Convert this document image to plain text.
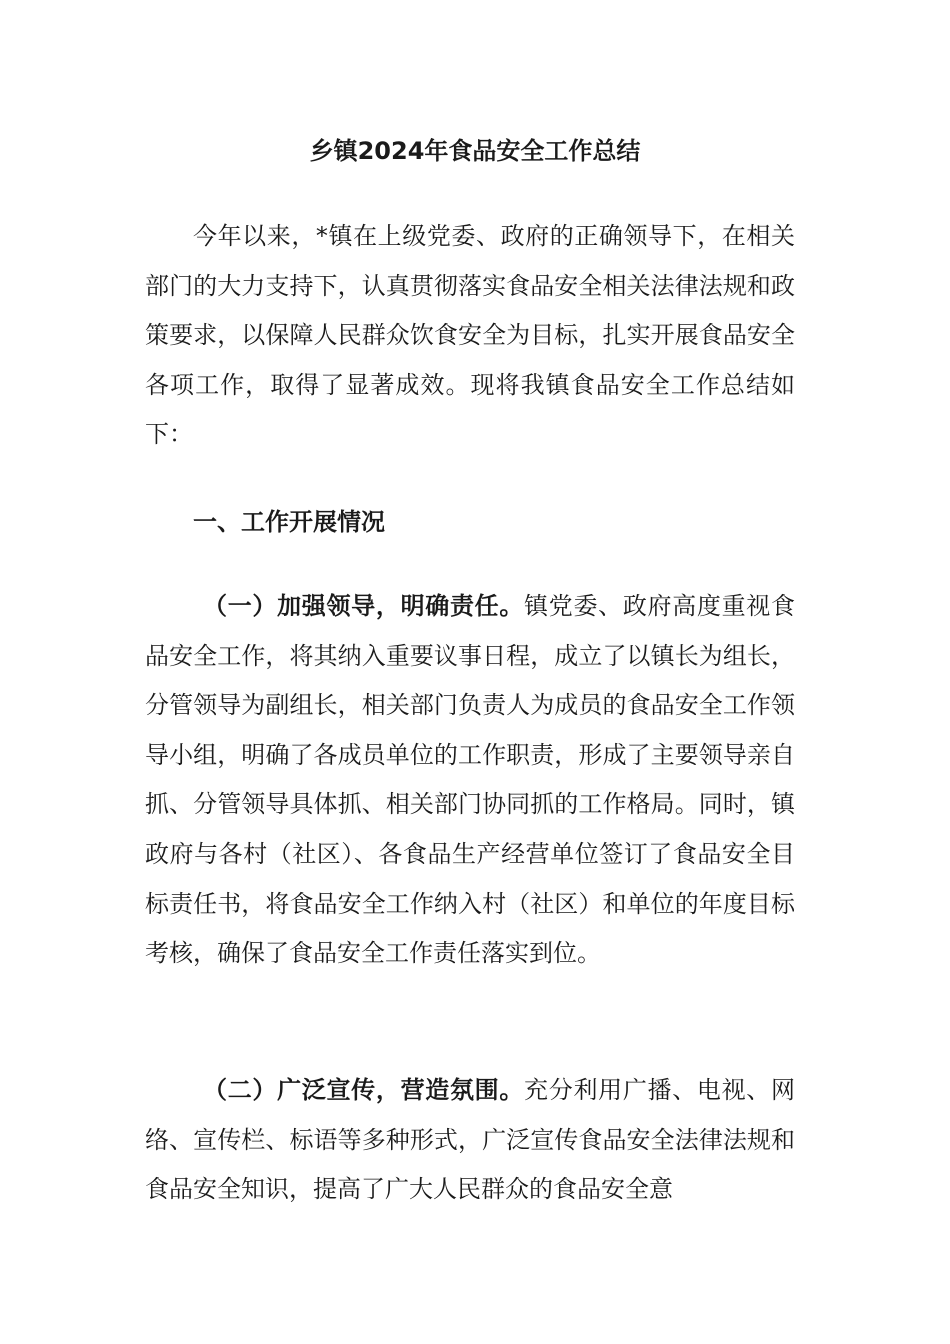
乡镇2024年食品安全工作总结

今年以来，*镇在上级党委、政府的正确领导下，在相关部门的大力支持下，认真贯彻落实食品安全相关法律法规和政策要求，以保障人民群众饮食安全为目标，扎实开展食品安全各项工作，取得了显著成效。现将我镇食品安全工作总结如下：

一、工作开展情况

（一）加强领导，明确责任。镇党委、政府高度重视食品安全工作，将其纳入重要议事日程，成立了以镇长为组长，分管领导为副组长，相关部门负责人为成员的食品安全工作领导小组，明确了各成员单位的工作职责，形成了主要领导亲自抓、分管领导具体抓、相关部门协同抓的工作格局。同时，镇政府与各村（社区）、各食品生产经营单位签订了食品安全目标责任书，将食品安全工作纳入村（社区）和单位的年度目标考核，确保了食品安全工作责任落实到位。

（二）广泛宣传，营造氛围。充分利用广播、电视、网络、宣传栏、标语等多种形式，广泛宣传食品安全法律法规和食品安全知识，提高了广大人民群众的食品安全意
